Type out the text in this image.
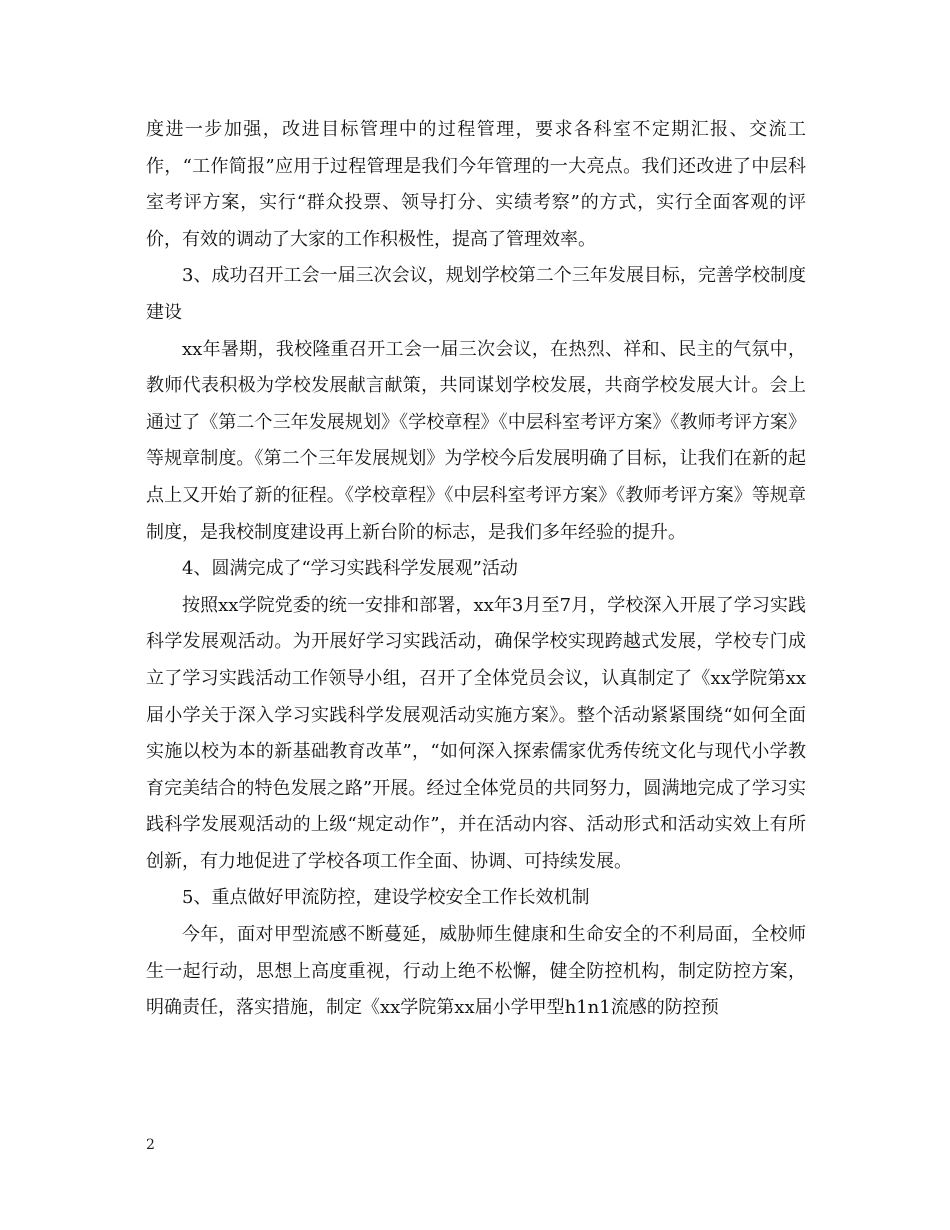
度进一步加强，改进目标管理中的过程管理，要求各科室不定期汇报、交流工作，“工作简报”应用于过程管理是我们今年管理的一大亮点。我们还改进了中层科室考评方案，实行“群众投票、领导打分、实绩考察”的方式，实行全面客观的评价，有效的调动了大家的工作积极性，提高了管理效率。

3、成功召开工会一届三次会议，规划学校第二个三年发展目标，完善学校制度建设

xx年暑期，我校隆重召开工会一届三次会议，在热烈、祥和、民主的气氛中，教师代表积极为学校发展献言献策，共同谋划学校发展，共商学校发展大计。会上通过了《第二个三年发展规划》《学校章程》《中层科室考评方案》《教师考评方案》等规章制度。《第二个三年发展规划》为学校今后发展明确了目标，让我们在新的起点上又开始了新的征程。《学校章程》《中层科室考评方案》《教师考评方案》等规章制度，是我校制度建设再上新台阶的标志，是我们多年经验的提升。

4、圆满完成了“学习实践科学发展观”活动

按照xx学院党委的统一安排和部署，xx年3月至7月，学校深入开展了学习实践科学发展观活动。为开展好学习实践活动，确保学校实现跨越式发展，学校专门成立了学习实践活动工作领导小组，召开了全体党员会议，认真制定了《xx学院第xx届小学关于深入学习实践科学发展观活动实施方案》。整个活动紧紧围绕“如何全面实施以校为本的新基础教育改革”，“如何深入探索儒家优秀传统文化与现代小学教育完美结合的特色发展之路”开展。经过全体党员的共同努力，圆满地完成了学习实践科学发展观活动的上级“规定动作”，并在活动内容、活动形式和活动实效上有所创新，有力地促进了学校各项工作全面、协调、可持续发展。

5、重点做好甲流防控，建设学校安全工作长效机制

今年，面对甲型流感不断蔓延，威胁师生健康和生命安全的不利局面，全校师生一起行动，思想上高度重视，行动上绝不松懈，健全防控机构，制定防控方案，明确责任，落实措施，制定《xx学院第xx届小学甲型h1n1流感的防控预

2
